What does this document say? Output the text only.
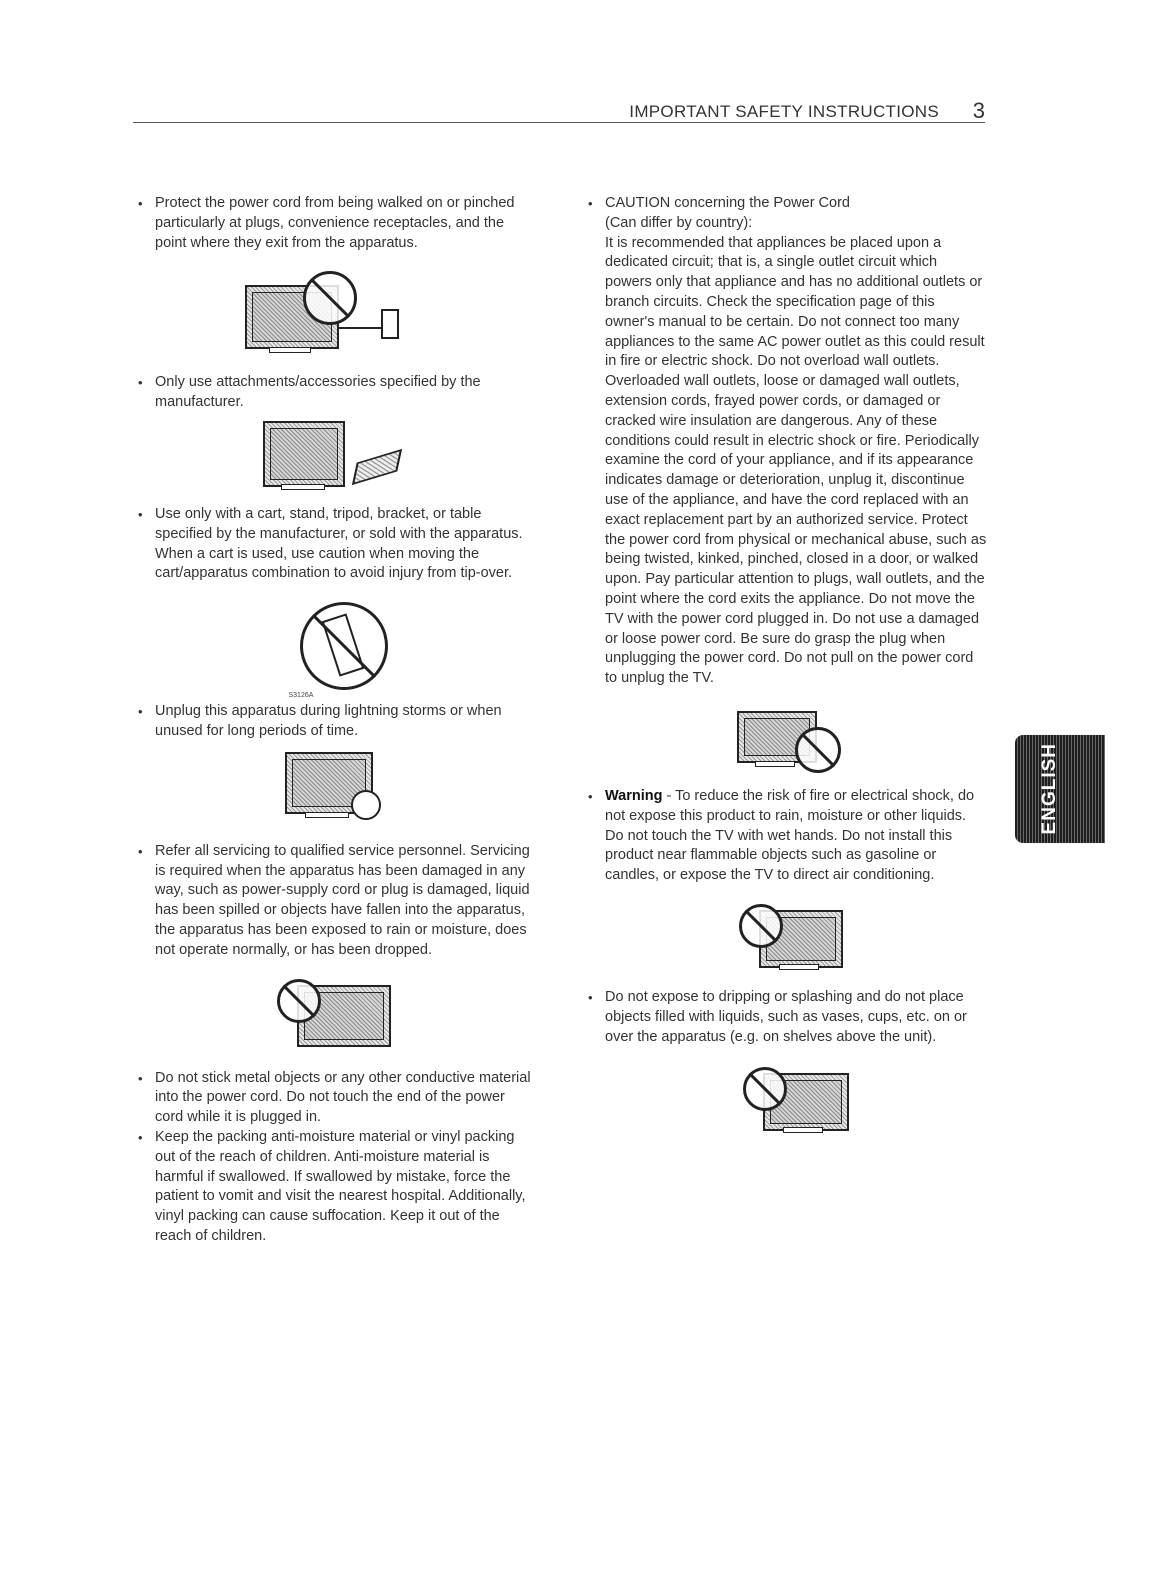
IMPORTANT SAFETY INSTRUCTIONS 3
• Protect the power cord from being walked on or pinched particularly at plugs, convenience receptacles, and the point where they exit from the apparatus.

• Only use attachments/accessories specified by the manufacturer.

• Use only with a cart, stand, tripod, bracket, or table specified by the manufacturer, or sold with the apparatus. When a cart is used, use caution when moving the cart/apparatus combination to avoid injury from tip-over.

S3126A
• Unplug this apparatus during lightning storms or when unused for long periods of time.

• Refer all servicing to qualified service personnel. Servicing is required when the apparatus has been damaged in any way, such as power-supply cord or plug is damaged, liquid has been spilled or objects have fallen into the apparatus, the apparatus has been exposed to rain or moisture, does not operate normally, or has been dropped.

• Do not stick metal objects or any other conductive material into the power cord. Do not touch the end of the power cord while it is plugged in.

• Keep the packing anti-moisture material or vinyl packing out of the reach of children. Anti-moisture material is harmful if swallowed. If swallowed by mistake, force the patient to vomit and visit the nearest hospital. Additionally, vinyl packing can cause suffocation. Keep it out of the reach of children.

• CAUTION concerning the Power Cord

(Can differ by country):

It is recommended that appliances be placed upon a dedicated circuit; that is, a single outlet circuit which powers only that appliance and has no additional outlets or branch circuits. Check the specification page of this owner's manual to be certain. Do not connect too many appliances to the same AC power outlet as this could result in fire or electric shock. Do not overload wall outlets. Overloaded wall outlets, loose or damaged wall outlets, extension cords, frayed power cords, or damaged or cracked wire insulation are dangerous. Any of these conditions could result in electric shock or fire. Periodically examine the cord of your appliance, and if its appearance indicates damage or deterioration, unplug it, discontinue use of the appliance, and have the cord replaced with an exact replacement part by an authorized service. Protect the power cord from physical or mechanical abuse, such as being twisted, kinked, pinched, closed in a door, or walked upon. Pay particular attention to plugs, wall outlets, and the point where the cord exits the appliance. Do not move the TV with the power cord plugged in. Do not use a damaged or loose power cord. Be sure do grasp the plug when unplugging the power cord. Do not pull on the power cord to unplug the TV.

• Warning - To reduce the risk of fire or electrical shock, do not expose this product to rain, moisture or other liquids. Do not touch the TV with wet hands. Do not install this product near flammable objects such as gasoline or candles, or expose the TV to direct air conditioning.

• Do not expose to dripping or splashing and do not place objects filled with liquids, such as vases, cups, etc. on or over the apparatus (e.g. on shelves above the unit).

ENGLISH
